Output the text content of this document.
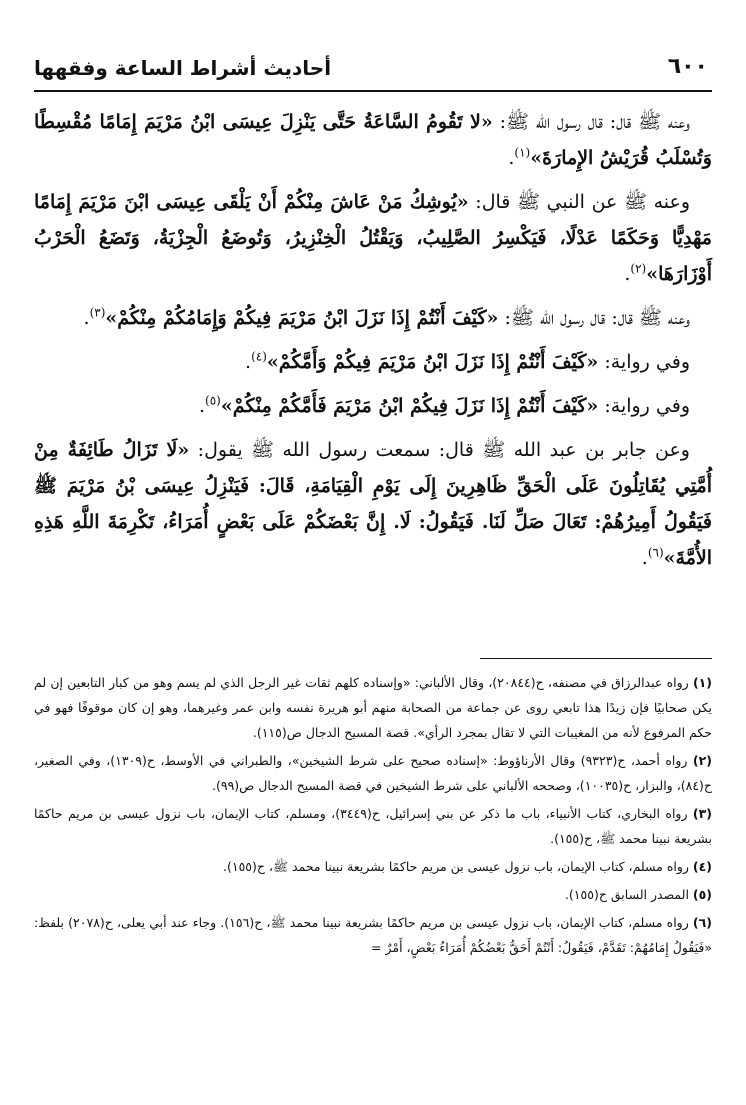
أحاديث أشراط الساعة وفقهها	٦٠٠

وعنه ﷺ قال: قال رسول الله ﷺ: «لا تَقُومُ السَّاعَةُ حَتَّى يَنْزِلَ عِيسَى ابْنُ مَرْيَمَ إِمَامًا مُقْسِطًا وَتُسْلَبُ قُرَيْشُ الإِمارَةَ»$^{(١)}$.

وعنه ﷺ عن النبي ﷺ قال: «يُوشِكُ مَنْ عَاشَ مِنْكُمْ أَنْ يَلْقَى عِيسَى ابْنَ مَرْيَمَ إِمَامًا مَهْدِيًّا وَحَكَمًا عَدْلًا، فَيَكْسِرُ الصَّلِيبُ، وَيَقْتُلُ الْخِنْزِيرُ، وَتُوضَعُ الْجِزْيَةُ، وَتَضَعُ الْحَرْبُ أَوْزَارَهَا»$^{(٢)}$.

وعنه ﷺ قال: قال رسول الله ﷺ: «كَيْفَ أَنْتُمْ إِذَا نَزَلَ ابْنُ مَرْيَمَ فِيكُمْ وَإِمَامُكُمْ مِنْكُمْ»$^{(٣)}$.

وفي رواية: «كَيْفَ أَنْتُمْ إِذَا نَزَلَ ابْنُ مَرْيَمَ فِيكُمْ وَأَمَّكُمْ»$^{(٤)}$.

وفي رواية: «كَيْفَ أَنْتُمْ إِذَا نَزَلَ فِيكُمْ ابْنُ مَرْيَمَ فَأَمَّكُمْ مِنْكُمْ»$^{(٥)}$.

وعن جابر بن عبد الله ﷺ قال: سمعت رسول الله ﷺ يقول: «لَا تَزَالُ طَائِفَةٌ مِنْ أُمَّتِي يُقَاتِلُونَ عَلَى الْحَقِّ ظَاهِرِينَ إِلَى يَوْمِ الْقِيَامَةِ، قَالَ: فَيَنْزِلُ عِيسَى بْنُ مَرْيَمَ ﷺ فَيَقُولُ أَمِيرُهُمْ: تَعَالَ صَلِّ لَنَا. فَيَقُولُ: لَا. إِنَّ بَعْضَكُمْ عَلَى بَعْضٍ أُمَرَاءُ، تَكْرِمَةَ اللَّهِ هَذِهِ الأُمَّةَ»$^{(٦)}$.

(١) رواه عبدالرزاق في مصنفه، ح(٢٠٨٤٤)، وقال الألباني: «وإسناده كلهم ثقات غير الرجل الذي لم يسم وهو من كبار التابعين إن لم يكن صحابيًا فإن زيدًا هذا تابعي روى عن جماعة من الصحابة منهم أبو هريرة نفسه وابن عمر وغيرهما، وهو إن كان موقوفًا فهو في حكم المرفوع لأنه من المغيبات التي لا تقال بمجرد الرأي». قصة المسيح الدجال ص(١١٥).

(٢) رواه أحمد، ح(٩٣٢٣) وقال الأرناؤوط: «إسناده صحيح على شرط الشيخين»، والطبراني في الأوسط، ح(١٣٠٩)، وفي الصغير، ح(٨٤)، والبزار، ح(١٠٠٣٥)، وصححه الألباني على شرط الشيخين في قصة المسيح الدجال ص(٩٩).

(٣) رواه البخاري، كتاب الأنبياء، باب ما ذكر عن بني إسرائيل، ح(٣٤٤٩)، ومسلم، كتاب الإيمان، باب نزول عيسى بن مريم حاكمًا بشريعة نبينا محمد ﷺ، ح(١٥٥).

(٤) رواه مسلم، كتاب الإيمان، باب نزول عيسى بن مريم حاكمًا بشريعة نبينا محمد ﷺ، ح(١٥٥).

(٥) المصدر السابق ح(١٥٥).

(٦) رواه مسلم، كتاب الإيمان، باب نزول عيسى بن مريم حاكمًا بشريعة نبينا محمد ﷺ، ح(١٥٦). وجاء عند أبي يعلى، ح(٢٠٧٨) بلفظ: «فَيَقُولُ إِمَامُهُمْ: تَقَدَّمْ، فَيَقُولُ: أَنْتُمْ أَحَقُّ بَعْضُكُمْ أُمَرَاءُ بَعْضٍ، أَمْرٌ =
